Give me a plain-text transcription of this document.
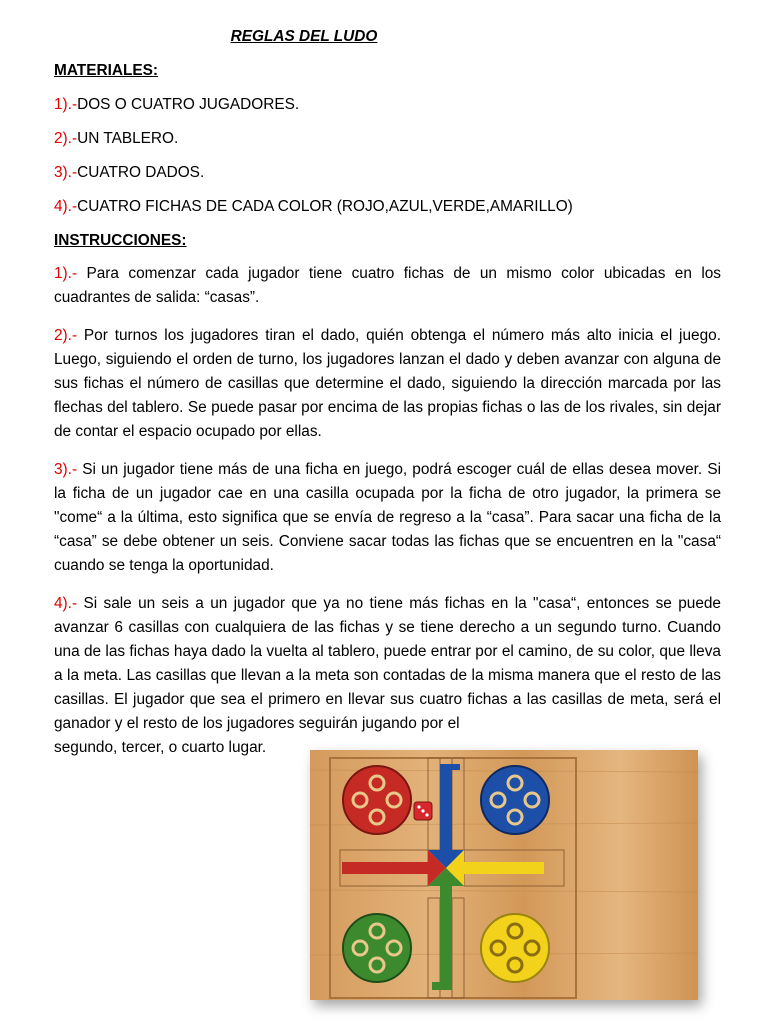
REGLAS DEL LUDO
MATERIALES:
1).-DOS O CUATRO JUGADORES.
2).-UN TABLERO.
3).-CUATRO DADOS.
4).-CUATRO FICHAS DE CADA COLOR (ROJO,AZUL,VERDE,AMARILLO)
INSTRUCCIONES:
1).- Para comenzar cada jugador tiene cuatro fichas de un mismo color ubicadas en los cuadrantes de salida: “casas”.
2).- Por turnos los jugadores tiran el dado, quién obtenga el número más alto inicia el juego. Luego, siguiendo el orden de turno, los jugadores lanzan el dado y deben avanzar con alguna de sus fichas el número de casillas que determine el dado, siguiendo la dirección marcada por las flechas del tablero. Se puede pasar por encima de las propias fichas o las de los rivales, sin dejar de contar el espacio ocupado por ellas.
3).- Si un jugador tiene más de una ficha en juego, podrá escoger cuál de ellas desea mover. Si la ficha de un jugador cae en una casilla ocupada por la ficha de otro jugador, la primera se "come“ a la última, esto significa que se envía de regreso a la “casa”. Para sacar una ficha de la “casa” se debe obtener un seis. Conviene sacar todas las fichas que se encuentren en la "casa“ cuando se tenga la oportunidad.
4).- Si sale un seis a un jugador que ya no tiene más fichas en la "casa“, entonces se puede avanzar 6 casillas con cualquiera de las fichas y se tiene derecho a un segundo turno. Cuando una de las fichas haya dado la vuelta al tablero, puede entrar por el camino, de su color, que lleva a la meta. Las casillas que llevan a la meta son contadas de la misma manera que el resto de las casillas. El jugador que sea el primero en llevar sus cuatro fichas a las casillas de meta, será el ganador y el resto de los jugadores seguirán jugando por el
segundo, tercer, o cuarto lugar.
